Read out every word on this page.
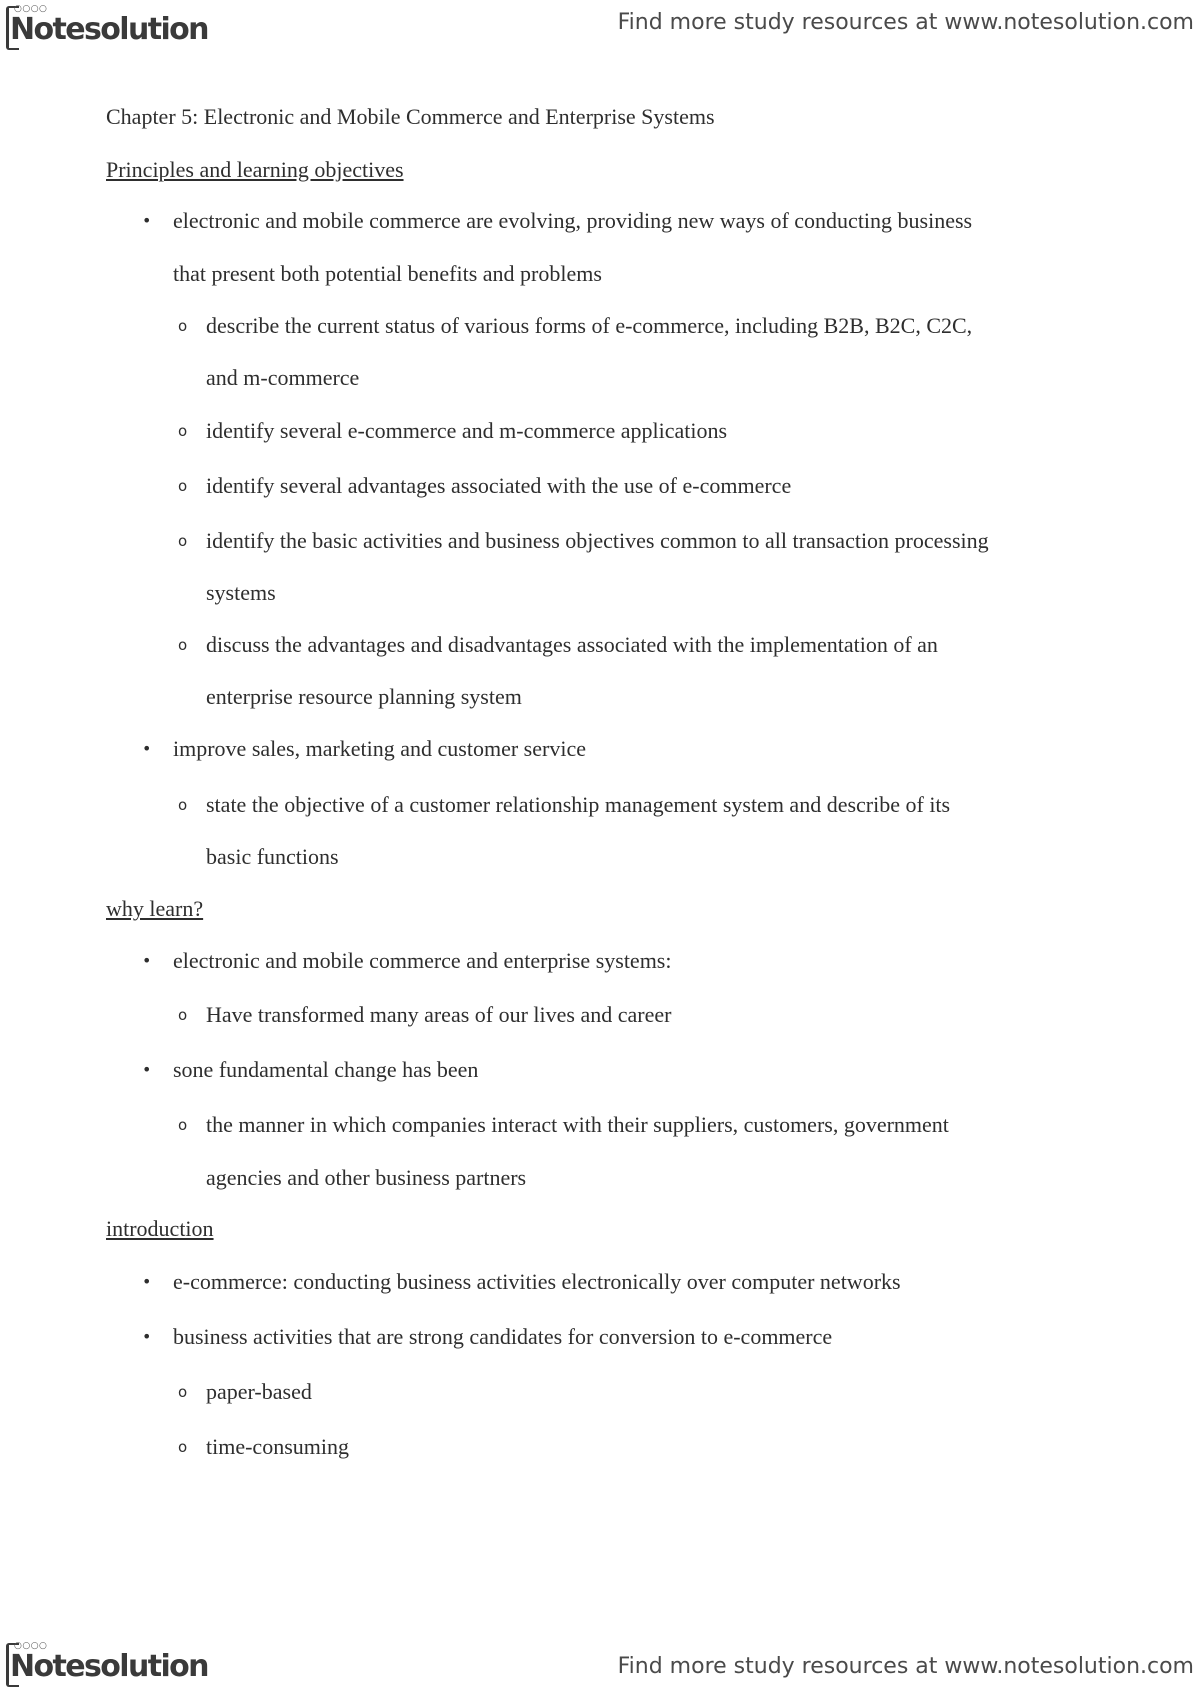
○○○○
Notesolution	Find more study resources at www.notesolution.com
Chapter 5: Electronic and Mobile Commerce and Enterprise Systems
Principles and learning objectives
• electronic and mobile commerce are evolving, providing new ways of conducting business
that present both potential benefits and problems
o describe the current status of various forms of e-commerce, including B2B, B2C, C2C,
and m-commerce
o identify several e-commerce and m-commerce applications
o identify several advantages associated with the use of e-commerce
o identify the basic activities and business objectives common to all transaction processing
systems
o discuss the advantages and disadvantages associated with the implementation of an
enterprise resource planning system
• improve sales, marketing and customer service
o state the objective of a customer relationship management system and describe of its
basic functions
why learn?
• electronic and mobile commerce and enterprise systems:
o Have transformed many areas of our lives and career
• sone fundamental change has been
o the manner in which companies interact with their suppliers, customers, government
agencies and other business partners
introduction
• e-commerce: conducting business activities electronically over computer networks
• business activities that are strong candidates for conversion to e-commerce
o paper-based
o time-consuming
○○○○
Notesolution	Find more study resources at www.notesolution.com
